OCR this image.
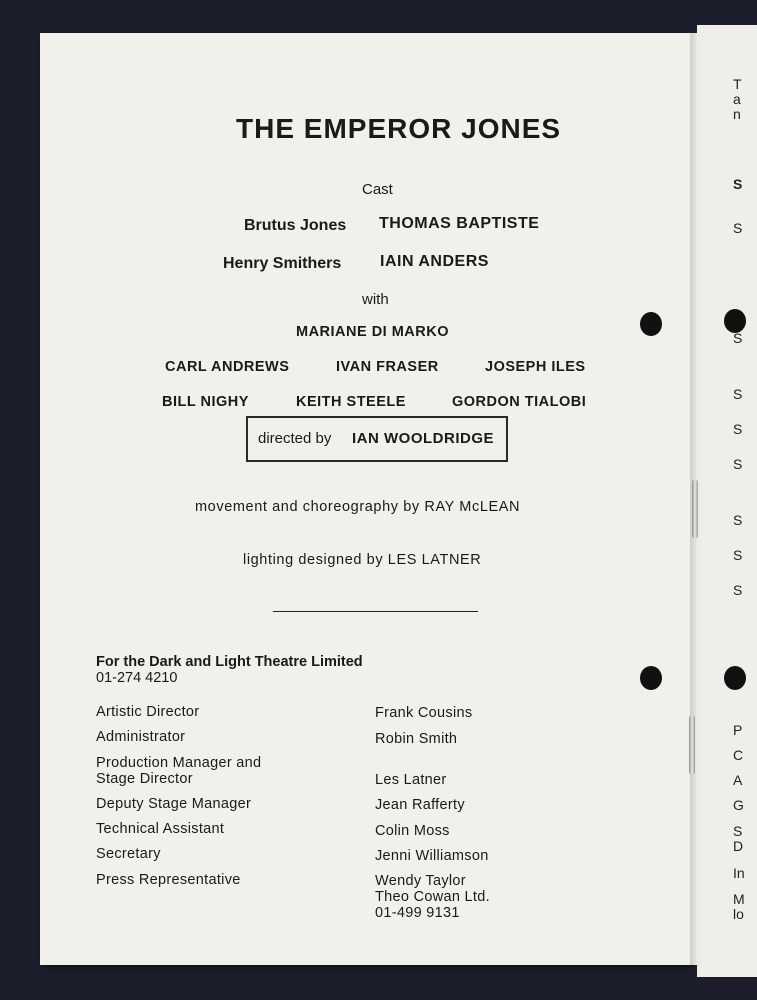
THE EMPEROR JONES
Cast
Brutus Jones THOMAS BAPTISTE
Henry Smithers IAIN ANDERS
with
MARIANE DI MARKO
CARL ANDREWS	IVAN FRASER	JOSEPH ILES
BILL NIGHY	KEITH STEELE	GORDON TIALOBI
directed by IAN WOOLDRIDGE
movement and choreography by RAY McLEAN
lighting designed by LES LATNER
For the Dark and Light Theatre Limited
01-274 4210
Artistic Director	Frank Cousins
Administrator	Robin Smith
Production Manager and
Stage Director	Les Latner
Deputy Stage Manager	Jean Rafferty
Technical Assistant	Colin Moss
Secretary	Jenni Williamson
Press Representative	Wendy Taylor
Theo Cowan Ltd.
01-499 9131
T
a
n
S
S
S
S
S
S
S
S
S
P
C
A
G
S
D
In
M
lo
